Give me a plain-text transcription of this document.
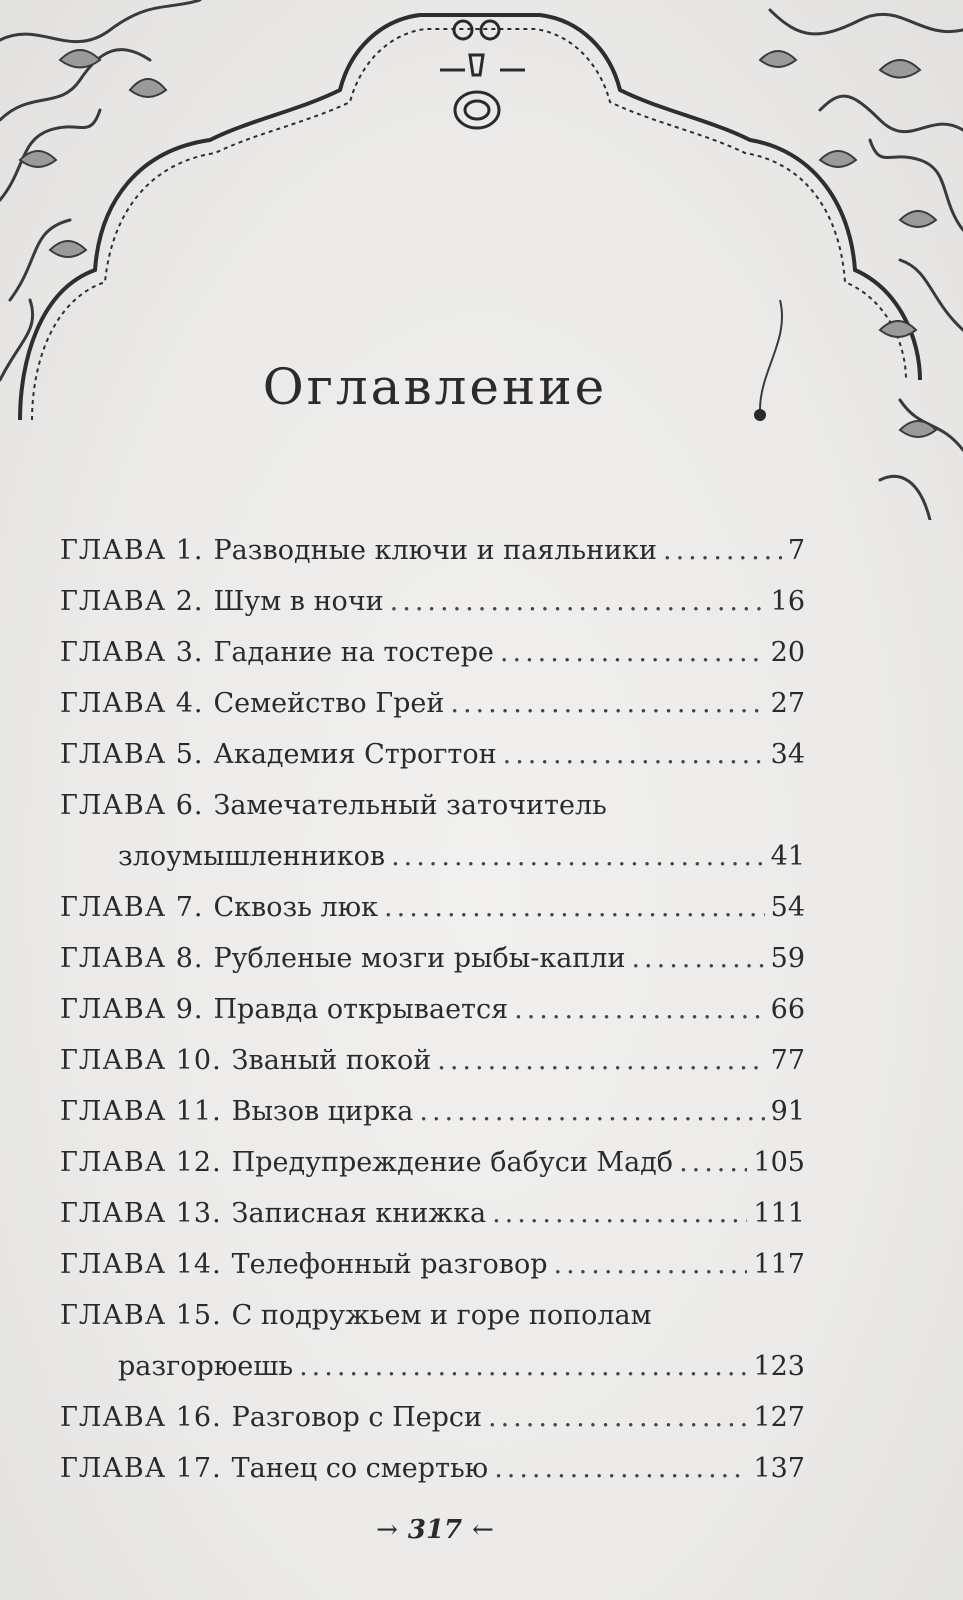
Оглавление
ГЛАВА 1. Разводные ключи и паяльники .....	7
ГЛАВА 2. Шум в ночи .....	16
ГЛАВА 3. Гадание на тостере .....	20
ГЛАВА 4. Семейство Грей .....	27
ГЛАВА 5. Академия Строгтон .....	34
ГЛАВА 6. Замечательный заточитель
злоумышленников .....	41
ГЛАВА 7. Сквозь люк .....	54
ГЛАВА 8. Рубленые мозги рыбы-капли .....	59
ГЛАВА 9. Правда открывается .....	66
ГЛАВА 10. Званый покой .....	77
ГЛАВА 11. Вызов цирка .....	91
ГЛАВА 12. Предупреждение бабуси Мадб .....	105
ГЛАВА 13. Записная книжка .....	111
ГЛАВА 14. Телефонный разговор .....	117
ГЛАВА 15. С подружьем и горе пополам
разгорюешь .....	123
ГЛАВА 16. Разговор с Перси .....	127
ГЛАВА 17. Танец со смертью .....	137
→ 317 ←
